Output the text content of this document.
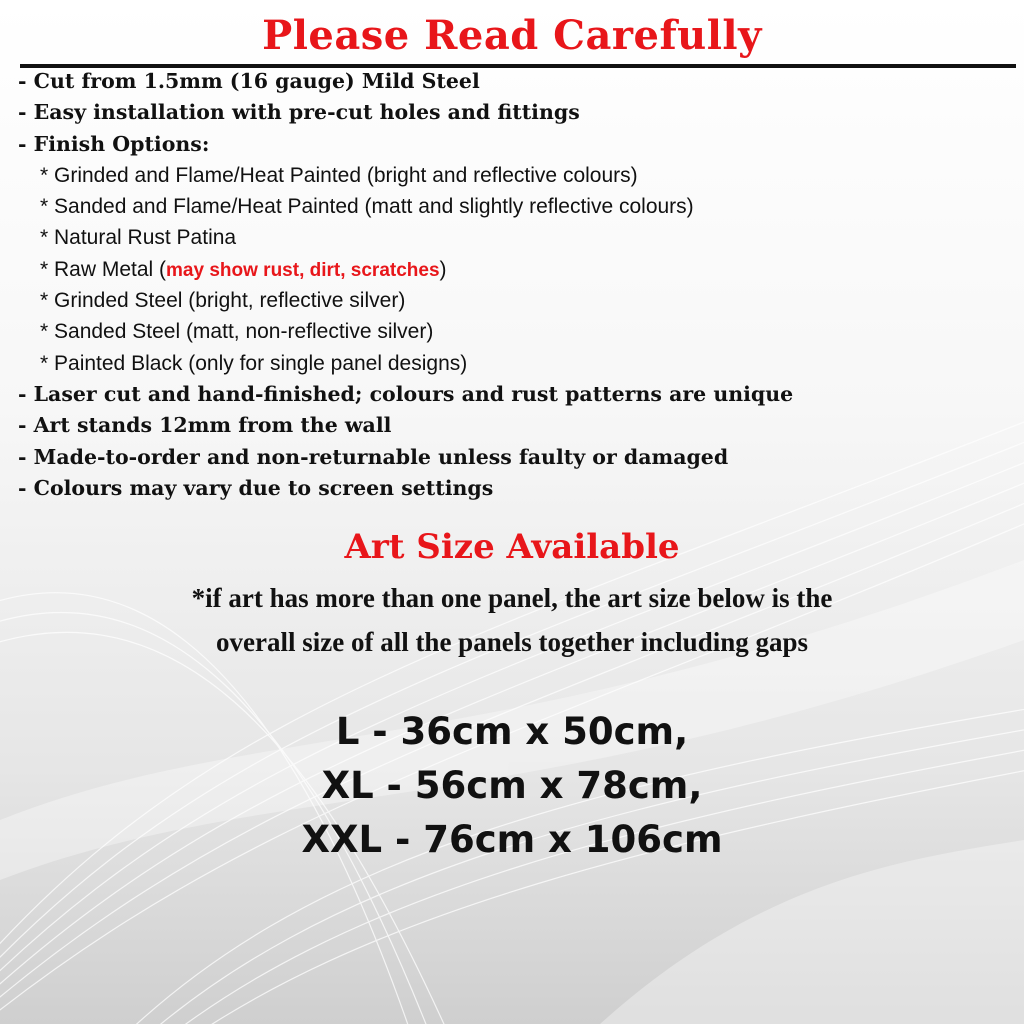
Please Read Carefully
- Cut from 1.5mm (16 gauge) Mild Steel
- Easy installation with pre-cut holes and fittings
- Finish Options:
* Grinded and Flame/Heat Painted (bright and reflective colours)
* Sanded and Flame/Heat Painted (matt and slightly reflective colours)
* Natural Rust Patina
* Raw Metal (may show rust, dirt, scratches)
* Grinded Steel (bright, reflective silver)
* Sanded Steel (matt, non-reflective silver)
* Painted Black (only for single panel designs)
- Laser cut and hand-finished; colours and rust patterns are unique
- Art stands 12mm from the wall
- Made-to-order and non-returnable unless faulty or damaged
- Colours may vary due to screen settings
Art Size Available
*if art has more than one panel, the art size below is the
overall size of all the panels together including gaps
L - 36cm x 50cm,
XL - 56cm x 78cm,
XXL - 76cm x 106cm
